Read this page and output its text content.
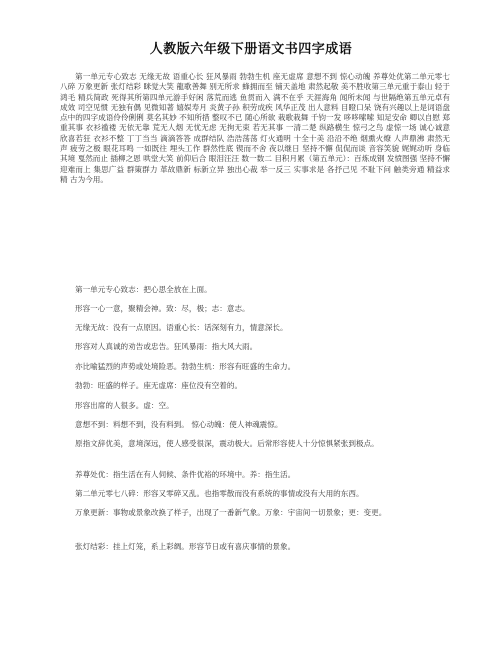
人教版六年级下册语文书四字成语
第一单元专心致志 无缘无故 语重心长 狂风暴雨 勃勃生机 座无虚席 意想不到 惊心动魄 养尊处优第二单元零七八碎 万象更新 张灯结彩 眯觉大笑 龍歌善舞 别无所求 蜂拥而至 铺天盖地 肃然起敬 美不胜收第三单元重于泰山 轻于鸿毛 精兵简政 死得其所第四单元游手好闲 落荒而逃 鱼贯而入 满不在乎 天涯海角 闻所未闻 与世隔绝第五单元卓有成效 司空见惯 无独有偶 见微知著 嬉娱寿月 炎黄子孙 积劳成疾 风华正茂 出人意料 目瞪口呆 饶有兴趣以上是词语盘点中的四字成语伶伶俐俐 莫名其妙 不知所措 整叹不已 随心所欲 栽歌栽舞 千钧一发 哆哆嗦嗦 知足安命 卿以自慰 郑重其事 衣衫褴褛 无依无靠 荒无人烟 无忧无虑 无拘无束 若无其事 一清二楚 纵路横生 惊弓之鸟 虚惊一场 诚心诚意 欣喜若狂 衣衫不整 丁丁当当 滴滴答答 成群结队 浩浩荡荡 灯火通明 十全十美 沿沿不绝 烟熏火燎 人声鼎沸 肃然无声 疲劳之极 眼花耳鸣 一如既往 埋头工作 群然性底 锲而不舍 夜以继日 坚持不懈 侃侃而谈 音容笑貌 娓娓动听 身临其境 戛然而止 插柳之恩 哄堂大笑 前仰后合 眼泪汪汪 数一数二 目积月累（第五单元）：百炼成钢 发愤图强 坚持不懈 迎难而上 集思广益 群策群力 革故鼎新 标新立异 独出心裁 举一反三 实事求是 各抒己见 不耻下问 触类旁通 精益求精 古为今用。
第一单元专心致志：把心思全放在上面。
形容一心一意，聚精会神。致：尽，极；志：意志。
无缘无故：没有一点原因。语重心长：话深刻有力，情意深长。
形容对人真诚的劝告或忠告。狂风暴雨：指大风大雨。
亦比喻猛烈的声势或处境险恶。勃勃生机：形容有旺盛的生命力。
勃勃：旺盛的样子。座无虚席：座位没有空着的。
形容出席的人很多。虚：空。
意想不到：料想不到，没有料到。 惊心动魄：使人神魂震惊。
原指文辞优美，意境深远，使人感受很深，震动极大。后常形容使人十分惊惧紧张到极点。
养尊处优：指生活在有人伺候、条件优裕的环境中。养：指生活。
第二单元零七八碎：形容又零碎又乱。也指零散而没有系统的事情或没有大用的东西。
万象更新：事物或景象改换了样子，出现了一番新气象。万象：宇宙间一切景象；更：变更。
张灯结彩：挂上灯笼，系上彩绸。形容节日或有喜庆事情的景象。
